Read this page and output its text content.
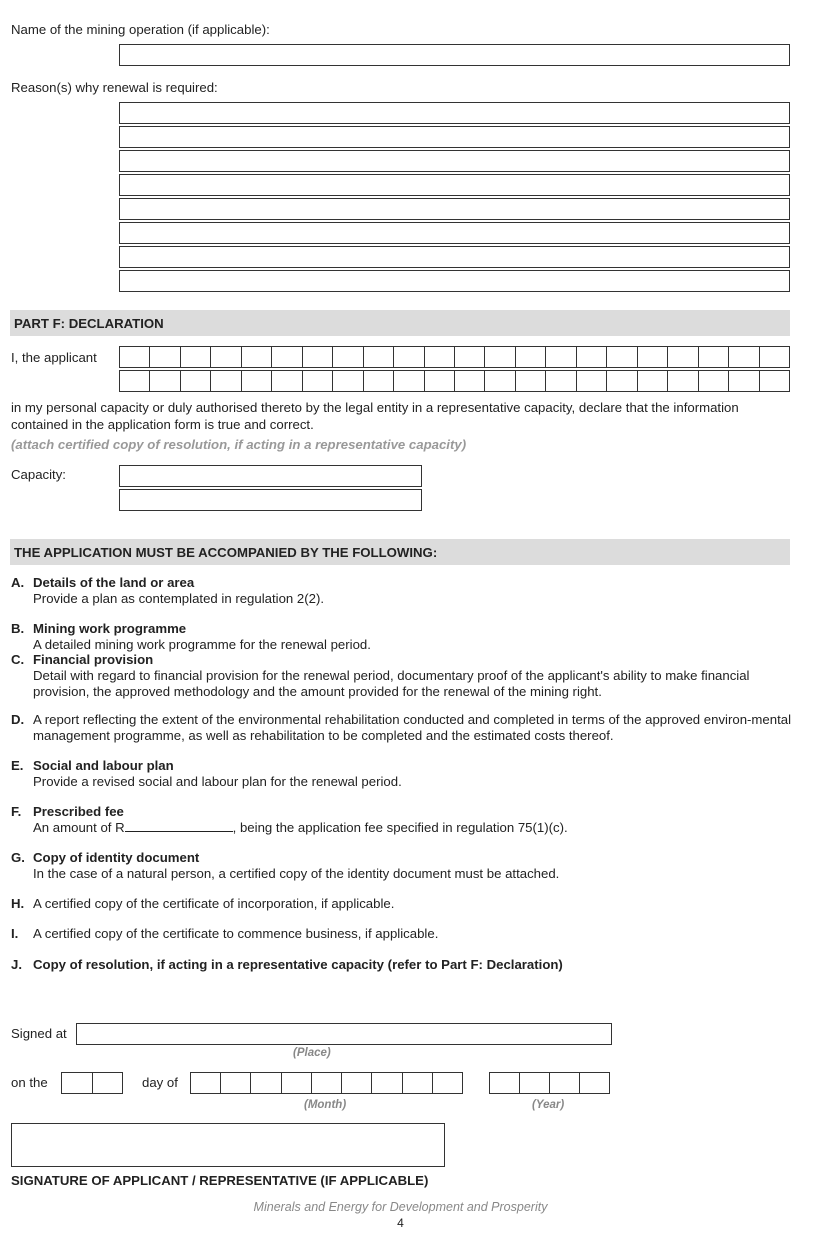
Name of the mining operation (if applicable):
Reason(s) why renewal is required:
PART F: DECLARATION
I, the applicant
in my personal capacity or duly authorised thereto by the legal entity in a representative capacity, declare that the information contained in the application form is true and correct.
(attach certified copy of resolution, if acting in a representative capacity)
Capacity:
THE APPLICATION MUST BE ACCOMPANIED BY THE FOLLOWING:
A. Details of the land or area
Provide a plan as contemplated in regulation 2(2).
B. Mining work programme
A detailed mining work programme for the renewal period.
C. Financial provision
Detail with regard to financial provision for the renewal period, documentary proof of the applicant's ability to make financial provision, the approved methodology and the amount provided for the renewal of the mining right.
D. A report reflecting the extent of the environmental rehabilitation conducted and completed in terms of the approved environ-mental management programme, as well as rehabilitation to be completed and the estimated costs thereof.
E. Social and labour plan
Provide a revised social and labour plan for the renewal period.
F. Prescribed fee
An amount of R	, being the application fee specified in regulation 75(1)(c).
G. Copy of identity document
In the case of a natural person, a certified copy of the identity document must be attached.
H. A certified copy of the certificate of incorporation, if applicable.
I. A certified copy of the certificate to commence business, if applicable.
J. Copy of resolution, if acting in a representative capacity (refer to Part F: Declaration)
Signed at
(Place)
on the	day of
(Month)	(Year)
SIGNATURE OF APPLICANT / REPRESENTATIVE (IF APPLICABLE)
Minerals and Energy for Development and Prosperity
4
